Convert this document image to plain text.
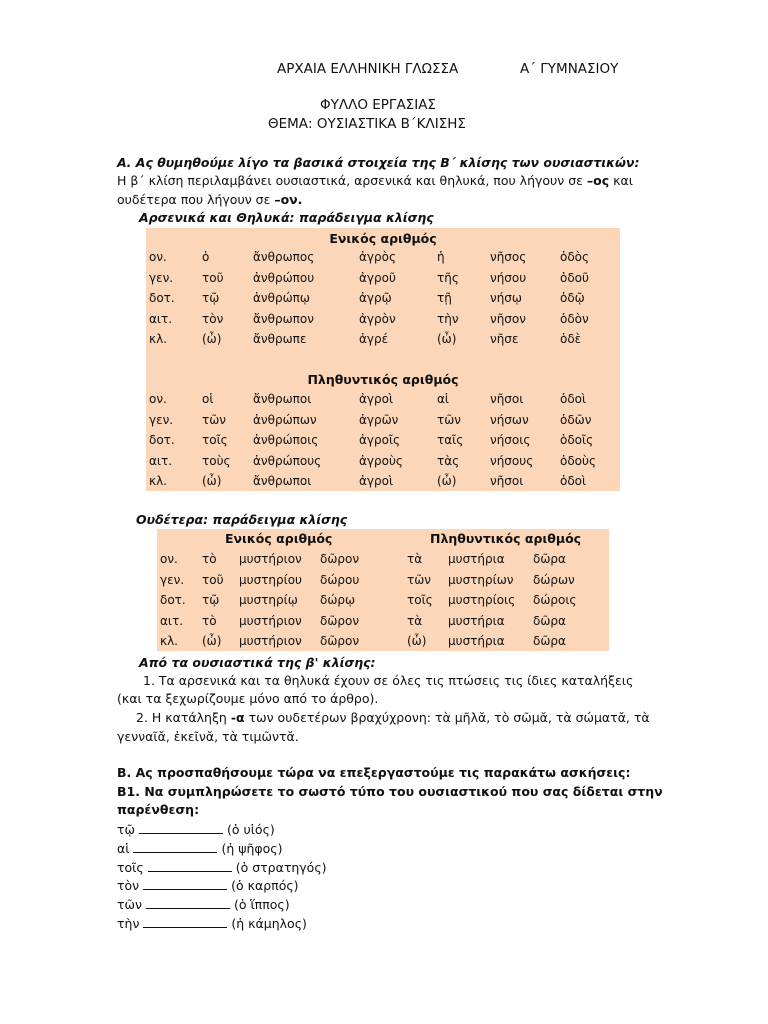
ΑΡΧΑΙΑ ΕΛΛΗΝΙΚΗ ΓΛΩΣΣΑ	Α΄ ΓΥΜΝΑΣΙΟΥ
ΦΥΛΛΟ ΕΡΓΑΣΙΑΣ
ΘΕΜΑ: ΟΥΣΙΑΣΤΙΚΑ Β΄ΚΛΙΣΗΣ
Α. Ας θυμηθούμε λίγο τα βασικά στοιχεία της Β΄ κλίσης των ουσιαστικών:
Η β΄ κλίση περιλαμβάνει ουσιαστικά, αρσενικά και θηλυκά, που λήγουν σε –ος και
ουδέτερα που λήγουν σε –ον.
Αρσενικά και Θηλυκά: παράδειγμα κλίσης
Ενικός αριθμός
ον.	ὁ	ἄνθρωπος	ἀγρὸς	ἡ	νῆσος	ὁδὸς
γεν.	τοῦ	ἀνθρώπου	ἀγροῦ	τῆς	νήσου	ὁδοῦ
δοτ.	τῷ	ἀνθρώπῳ	ἀγρῷ	τῇ	νήσῳ	ὁδῷ
αιτ.	τὸν	ἄνθρωπον	ἀγρὸν	τὴν	νῆσον	ὁδὸν
κλ.	(ὦ)	ἄνθρωπε	ἀγρέ	(ὦ)	νῆσε	ὁδὲ
Πληθυντικός αριθμός
ον.	οἱ	ἄνθρωποι	ἀγροὶ	αἱ	νῆσοι	ὁδοὶ
γεν.	τῶν	ἀνθρώπων	ἀγρῶν	τῶν	νήσων	ὁδῶν
δοτ.	τοῖς	ἀνθρώποις	ἀγροῖς	ταῖς	νήσοις	ὁδοῖς
αιτ.	τοὺς	ἀνθρώπους	ἀγροὺς	τὰς	νήσους	ὁδοὺς
κλ.	(ὦ)	ἄνθρωποι	ἀγροὶ	(ὦ)	νῆσοι	ὁδοὶ
Ουδέτερα: παράδειγμα κλίσης
Ενικός αριθμός	Πληθυντικός αριθμός
ον.	τὸ	μυστήριον	δῶρον	τὰ	μυστήρια	δῶρα
γεν.	τοῦ	μυστηρίου	δώρου	τῶν	μυστηρίων	δώρων
δοτ.	τῷ	μυστηρίῳ	δώρῳ	τοῖς	μυστηρίοις	δώροις
αιτ.	τὸ	μυστήριον	δῶρον	τὰ	μυστήρια	δῶρα
κλ.	(ὦ)	μυστήριον	δῶρον	(ὦ)	μυστήρια	δῶρα
Από τα ουσιαστικά της β' κλίσης:
1. Τα αρσενικά και τα θηλυκά έχουν σε όλες τις πτώσεις τις ίδιες καταλήξεις
(και τα ξεχωρίζουμε μόνο από το άρθρο).
2. Η κατάληξη -α των ουδετέρων βραχύχρονη: τὰ μῆλᾰ, τὸ σῶμᾰ, τὰ σώματᾰ, τὰ
γενναῖᾰ, ἐκεῖνᾰ, τὰ τιμῶντᾰ.
Β. Ας προσπαθήσουμε τώρα να επεξεργαστούμε τις παρακάτω ασκήσεις:
Β1. Να συμπληρώσετε το σωστό τύπο του ουσιαστικού που σας δίδεται στην
παρένθεση:
τῷ	(ὁ υἱός)
αἱ	(ἡ ψῆφος)
τοῖς	(ὁ στρατηγός)
τὸν	(ὁ καρπός)
τῶν	(ὁ ἵππος)
τὴν	(ἡ κάμηλος)
